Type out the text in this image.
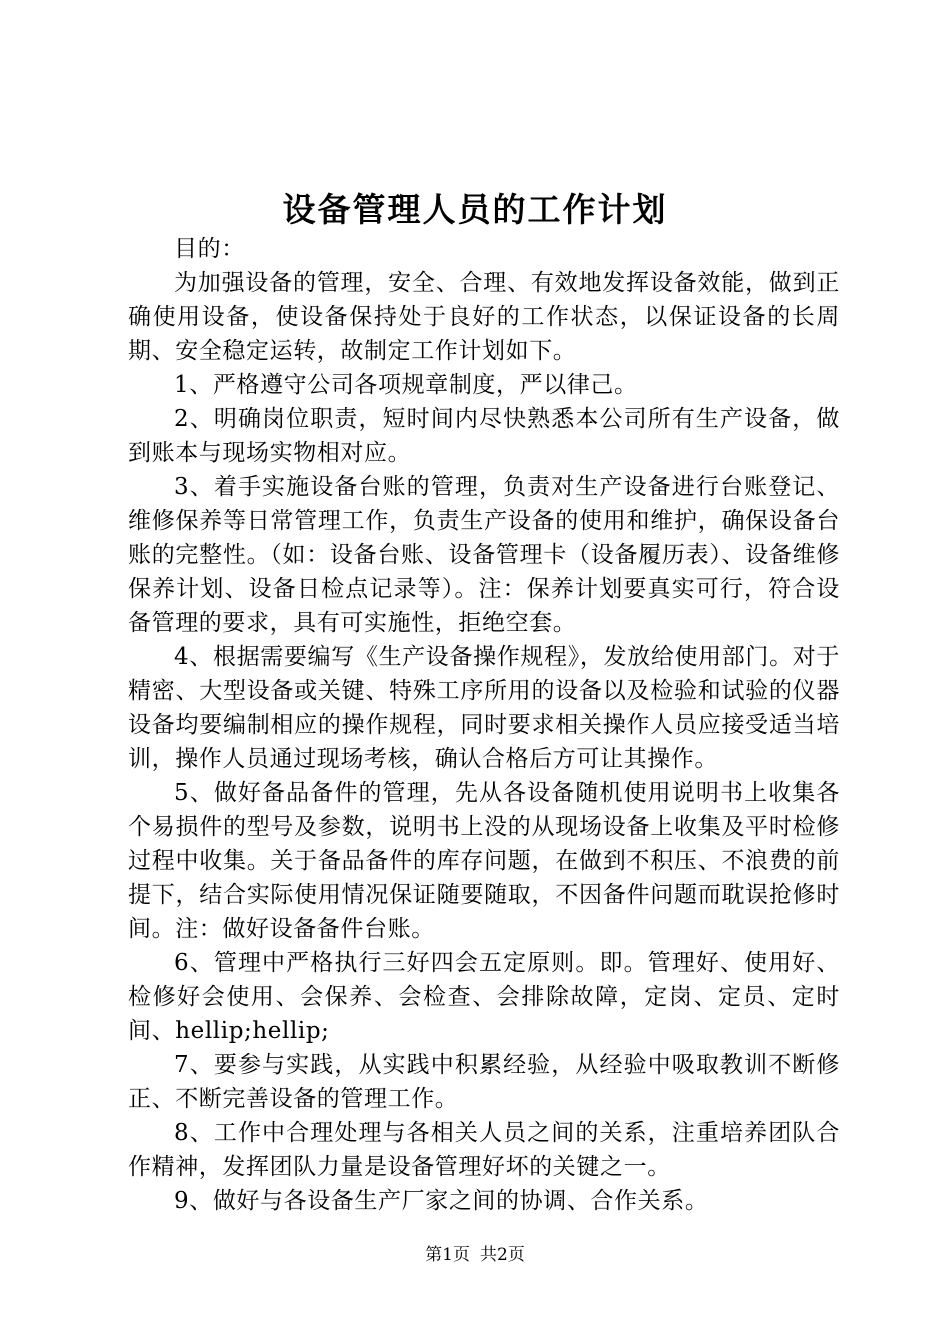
设备管理人员的工作计划

目的：

为加强设备的管理，安全、合理、有效地发挥设备效能，做到正确使用设备，使设备保持处于良好的工作状态，以保证设备的长周期、安全稳定运转，故制定工作计划如下。

1、严格遵守公司各项规章制度，严以律己。

2、明确岗位职责，短时间内尽快熟悉本公司所有生产设备，做到账本与现场实物相对应。

3、着手实施设备台账的管理，负责对生产设备进行台账登记、维修保养等日常管理工作，负责生产设备的使用和维护，确保设备台账的完整性。（如：设备台账、设备管理卡（设备履历表）、设备维修保养计划、设备日检点记录等）。注：保养计划要真实可行，符合设备管理的要求，具有可实施性，拒绝空套。

4、根据需要编写《生产设备操作规程》，发放给使用部门。对于精密、大型设备或关键、特殊工序所用的设备以及检验和试验的仪器设备均要编制相应的操作规程，同时要求相关操作人员应接受适当培训，操作人员通过现场考核，确认合格后方可让其操作。

5、做好备品备件的管理，先从各设备随机使用说明书上收集各个易损件的型号及参数，说明书上没的从现场设备上收集及平时检修过程中收集。关于备品备件的库存问题，在做到不积压、不浪费的前提下，结合实际使用情况保证随要随取，不因备件问题而耽误抢修时间。注：做好设备备件台账。

6、管理中严格执行三好四会五定原则。即。管理好、使用好、检修好会使用、会保养、会检查、会排除故障，定岗、定员、定时间、hellip;hellip;

7、要参与实践，从实践中积累经验，从经验中吸取教训不断修正、不断完善设备的管理工作。

8、工作中合理处理与各相关人员之间的关系，注重培养团队合作精神，发挥团队力量是设备管理好坏的关键之一。

9、做好与各设备生产厂家之间的协调、合作关系。

第1页 共2页
